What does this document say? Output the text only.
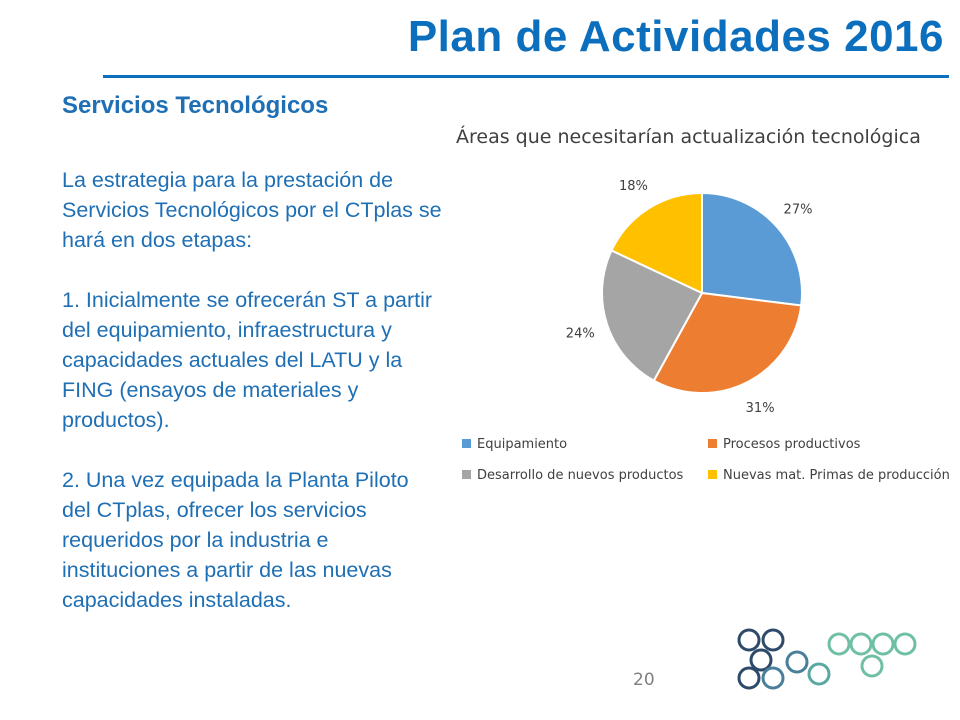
Plan de Actividades 2016
Servicios Tecnológicos

La estrategia para la prestación de Servicios Tecnológicos por el CTplas se hará en dos etapas:

1. Inicialmente se ofrecerán ST a partir del equipamiento, infraestructura y capacidades actuales del LATU y la FING (ensayos de materiales y productos).

2. Una vez equipada la Planta Piloto del CTplas, ofrecer los servicios requeridos por la industria e instituciones a partir de las nuevas capacidades instaladas.

Áreas que necesitarían actualización tecnológica
27%
31%
24%
18%
Equipamiento	Procesos productivos
Desarrollo de nuevos productos	Nuevas mat. Primas de producción
20
